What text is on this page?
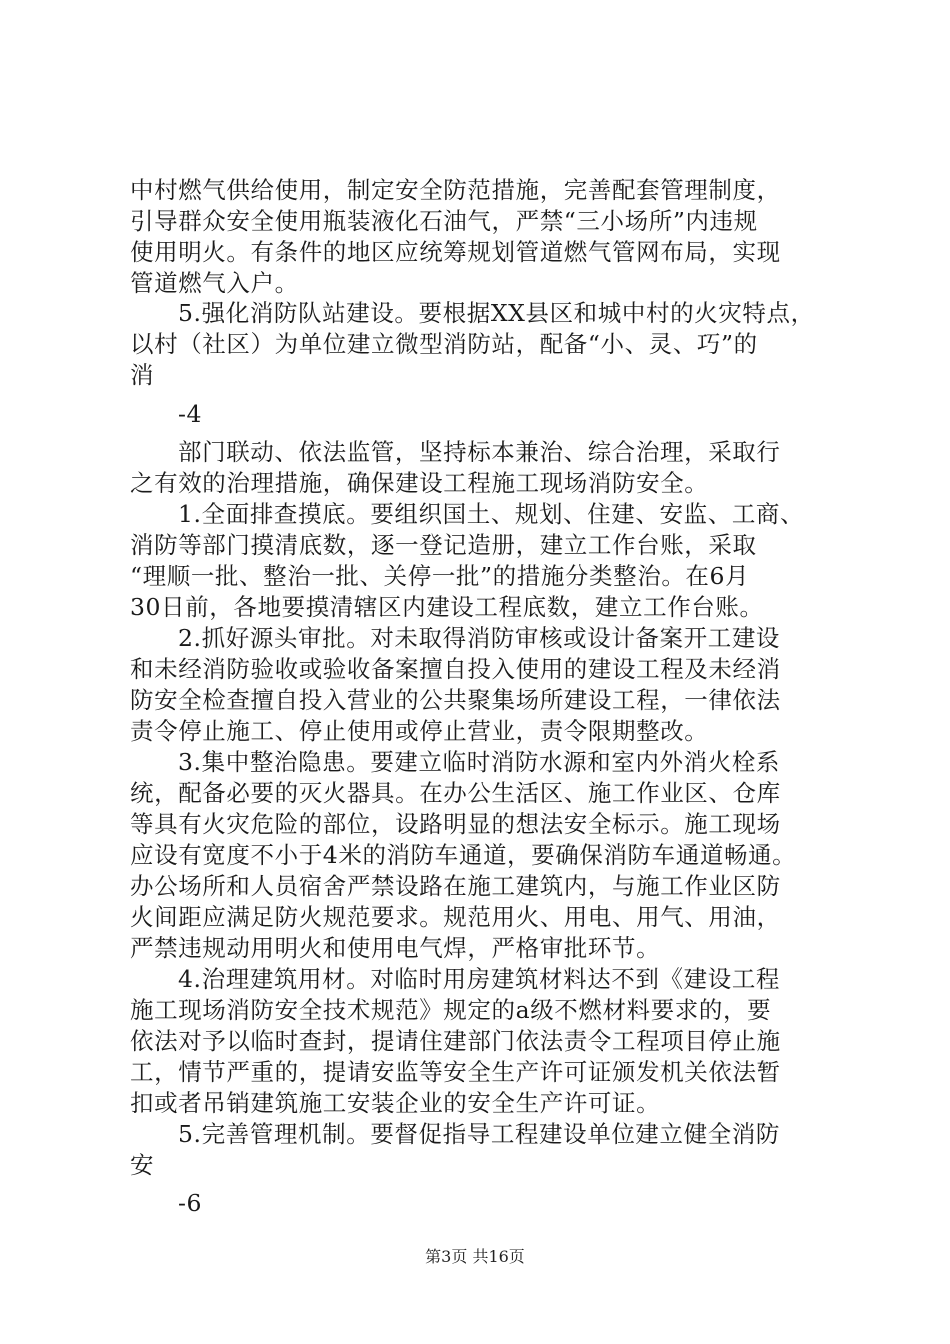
中村燃气供给使用，制定安全防范措施，完善配套管理制度，
引导群众安全使用瓶装液化石油气，严禁“三小场所”内违规
使用明火。有条件的地区应统筹规划管道燃气管网布局，实现
管道燃气入户。
5.强化消防队站建设。要根据XX县区和城中村的火灾特点，
以村（社区）为单位建立微型消防站，配备“小、灵、巧”的
消
-4
部门联动、依法监管，坚持标本兼治、综合治理，采取行
之有效的治理措施，确保建设工程施工现场消防安全。
1.全面排查摸底。要组织国土、规划、住建、安监、工商、
消防等部门摸清底数，逐一登记造册，建立工作台账，采取
“理顺一批、整治一批、关停一批”的措施分类整治。在6月
30日前，各地要摸清辖区内建设工程底数，建立工作台账。
2.抓好源头审批。对未取得消防审核或设计备案开工建设
和未经消防验收或验收备案擅自投入使用的建设工程及未经消
防安全检查擅自投入营业的公共聚集场所建设工程，一律依法
责令停止施工、停止使用或停止营业，责令限期整改。
3.集中整治隐患。要建立临时消防水源和室内外消火栓系
统，配备必要的灭火器具。在办公生活区、施工作业区、仓库
等具有火灾危险的部位，设路明显的想法安全标示。施工现场
应设有宽度不小于4米的消防车通道，要确保消防车通道畅通。
办公场所和人员宿舍严禁设路在施工建筑内，与施工作业区防
火间距应满足防火规范要求。规范用火、用电、用气、用油，
严禁违规动用明火和使用电气焊，严格审批环节。
4.治理建筑用材。对临时用房建筑材料达不到《建设工程
施工现场消防安全技术规范》规定的a级不燃材料要求的，要
依法对予以临时查封，提请住建部门依法责令工程项目停止施
工，情节严重的，提请安监等安全生产许可证颁发机关依法暂
扣或者吊销建筑施工安装企业的安全生产许可证。
5.完善管理机制。要督促指导工程建设单位建立健全消防
安
-6
第3页 共16页
